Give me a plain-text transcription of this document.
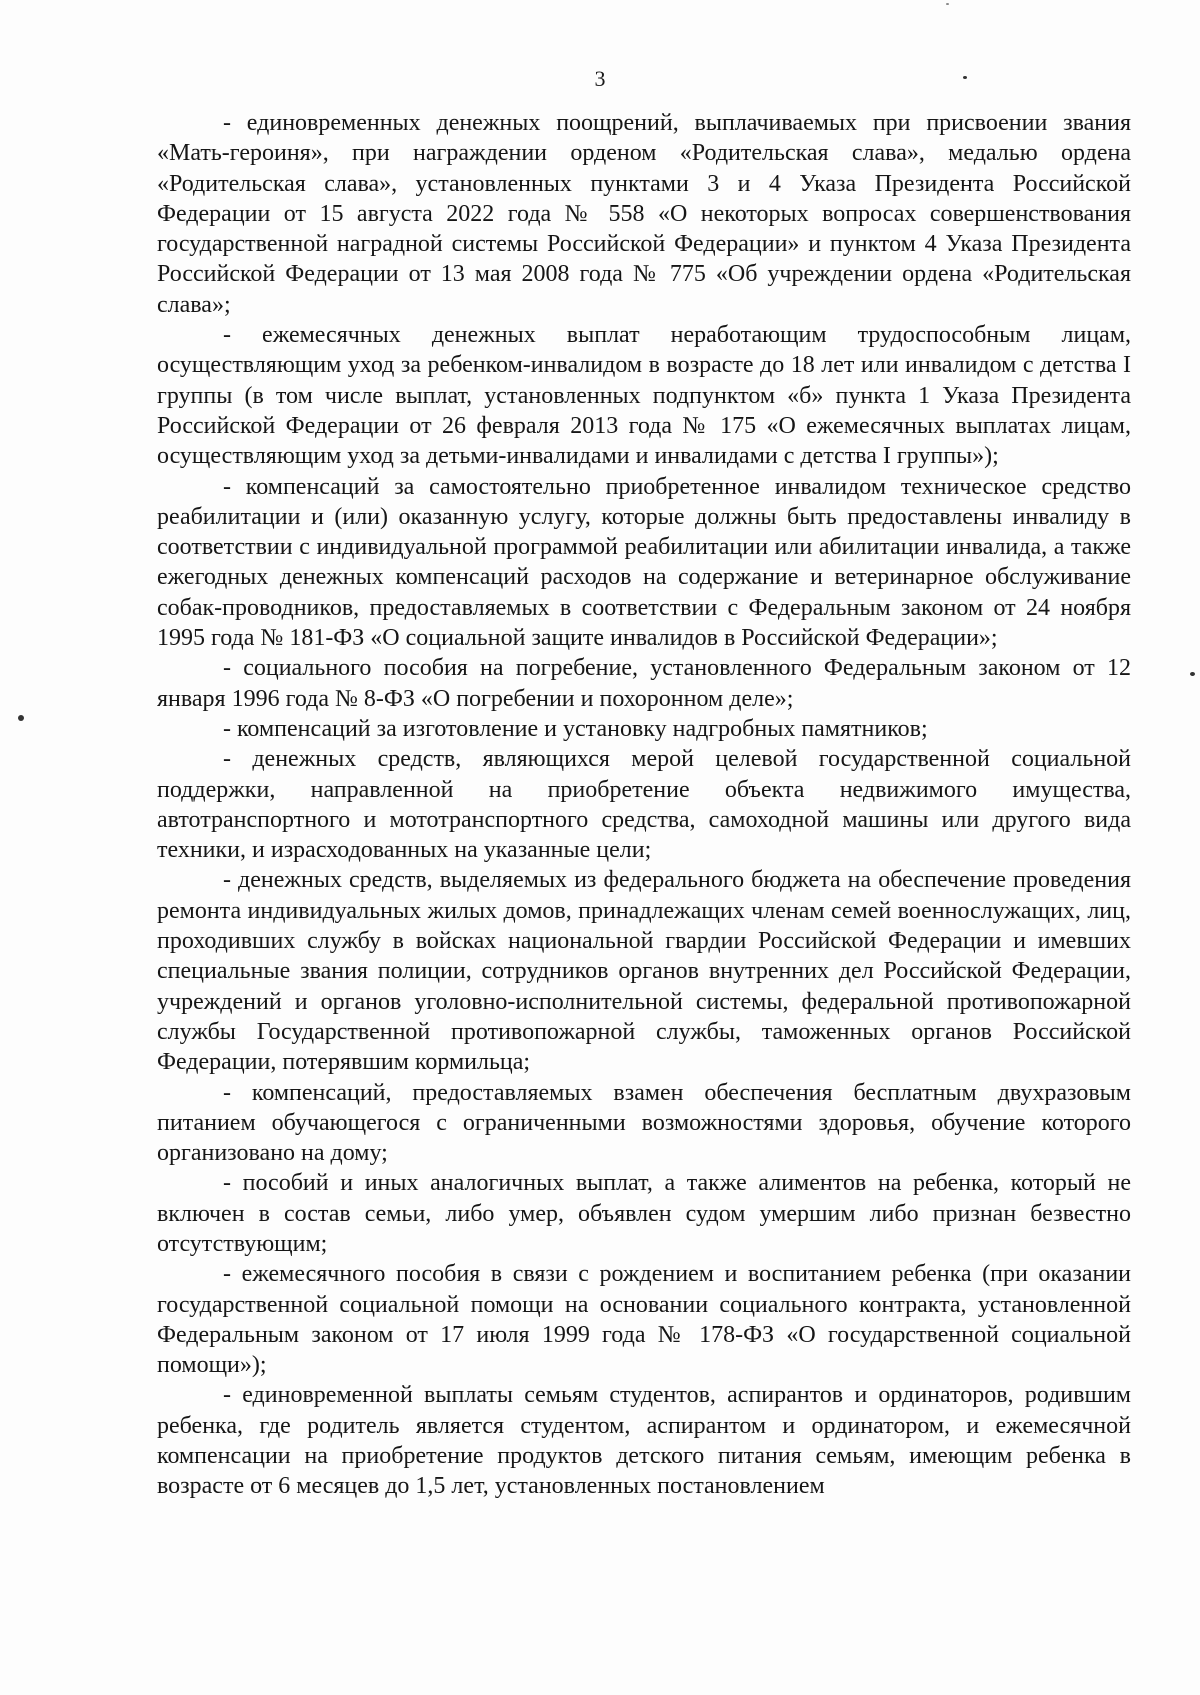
3

- единовременных денежных поощрений, выплачиваемых при присвоении звания «Мать-героиня», при награждении орденом «Родительская слава», медалью ордена «Родительская слава», установленных пунктами 3 и 4 Указа Президента Российской Федерации от 15 августа 2022 года № 558 «О некоторых вопросах совершенствования государственной наградной системы Российской Федерации» и пунктом 4 Указа Президента Российской Федерации от 13 мая 2008 года № 775 «Об учреждении ордена «Родительская слава»;

- ежемесячных денежных выплат неработающим трудоспособным лицам, осуществляющим уход за ребенком-инвалидом в возрасте до 18 лет или инвалидом с детства I группы (в том числе выплат, установленных подпунктом «б» пункта 1 Указа Президента Российской Федерации от 26 февраля 2013 года № 175 «О ежемесячных выплатах лицам, осуществляющим уход за детьми-инвалидами и инвалидами с детства I группы»);

- компенсаций за самостоятельно приобретенное инвалидом техническое средство реабилитации и (или) оказанную услугу, которые должны быть предоставлены инвалиду в соответствии с индивидуальной программой реабилитации или абилитации инвалида, а также ежегодных денежных компенсаций расходов на содержание и ветеринарное обслуживание собак-проводников, предоставляемых в соответствии с Федеральным законом от 24 ноября 1995 года № 181-ФЗ «О социальной защите инвалидов в Российской Федерации»;

- социального пособия на погребение, установленного Федеральным законом от 12 января 1996 года № 8-ФЗ «О погребении и похоронном деле»;

- компенсаций за изготовление и установку надгробных памятников;

- денежных средств, являющихся мерой целевой государственной социальной поддержки, направленной на приобретение объекта недвижимого имущества, автотранспортного и мототранспортного средства, самоходной машины или другого вида техники, и израсходованных на указанные цели;

- денежных средств, выделяемых из федерального бюджета на обеспечение проведения ремонта индивидуальных жилых домов, принадлежащих членам семей военнослужащих, лиц, проходивших службу в войсках национальной гвардии Российской Федерации и имевших специальные звания полиции, сотрудников органов внутренних дел Российской Федерации, учреждений и органов уголовно-исполнительной системы, федеральной противопожарной службы Государственной противопожарной службы, таможенных органов Российской Федерации, потерявшим кормильца;

- компенсаций, предоставляемых взамен обеспечения бесплатным двухразовым питанием обучающегося с ограниченными возможностями здоровья, обучение которого организовано на дому;

- пособий и иных аналогичных выплат, а также алиментов на ребенка, который не включен в состав семьи, либо умер, объявлен судом умершим либо признан безвестно отсутствующим;

- ежемесячного пособия в связи с рождением и воспитанием ребенка (при оказании государственной социальной помощи на основании социального контракта, установленной Федеральным законом от 17 июля 1999 года № 178-ФЗ «О государственной социальной помощи»);

- единовременной выплаты семьям студентов, аспирантов и ординаторов, родившим ребенка, где родитель является студентом, аспирантом и ординатором, и ежемесячной компенсации на приобретение продуктов детского питания семьям, имеющим ребенка в возрасте от 6 месяцев до 1,5 лет, установленных постановлением
